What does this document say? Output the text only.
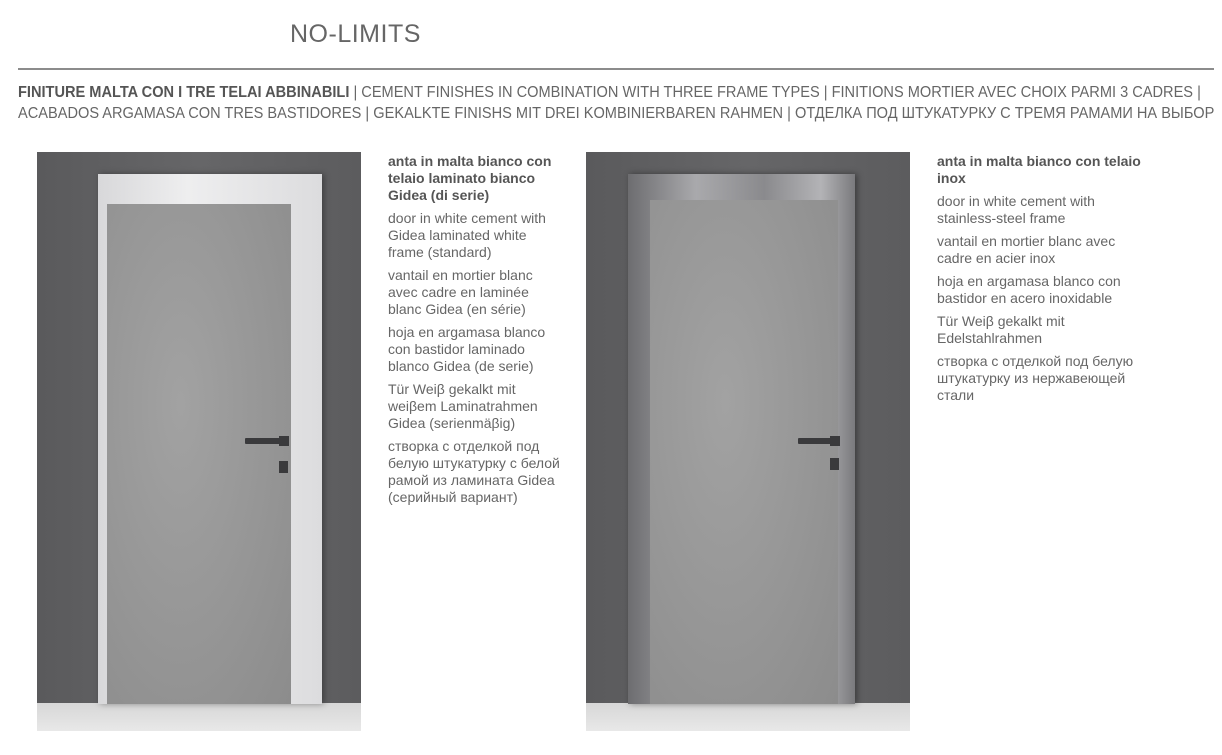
NO-LIMITS
FINITURE MALTA CON I TRE TELAI ABBINABILI | CEMENT FINISHES IN COMBINATION WITH THREE FRAME TYPES | FINITIONS MORTIER AVEC CHOIX PARMI 3 CADRES |
ACABADOS ARGAMASA CON TRES BASTIDORES | GEKALKTE FINISHS MIT DREI KOMBINIERBAREN RAHMEN | ОТДЕЛКА ПОД ШТУКАТУРКУ С ТРЕМЯ РАМАМИ НА ВЫБОР

anta in malta bianco con telaio laminato bianco Gidea (di serie)

door in white cement with Gidea laminated white frame (standard)

vantail en mortier blanc avec cadre en laminée blanc Gidea (en série)

hoja en argamasa blanco con bastidor laminado blanco Gidea (de serie)

Tür Weiβ gekalkt mit weiβem Laminatrahmen Gidea (serienmäβig)

створка с отделкой под белую штукатурку с белой рамой из ламината Gidea (серийный вариант)

anta in malta bianco con telaio inox

door in white cement with stainless-steel frame

vantail en mortier blanc avec cadre en acier inox

hoja en argamasa blanco con bastidor en acero inoxidable

Tür Weiβ gekalkt mit Edelstahlrahmen

створка с отделкой под белую штукатурку из нержавеющей стали
